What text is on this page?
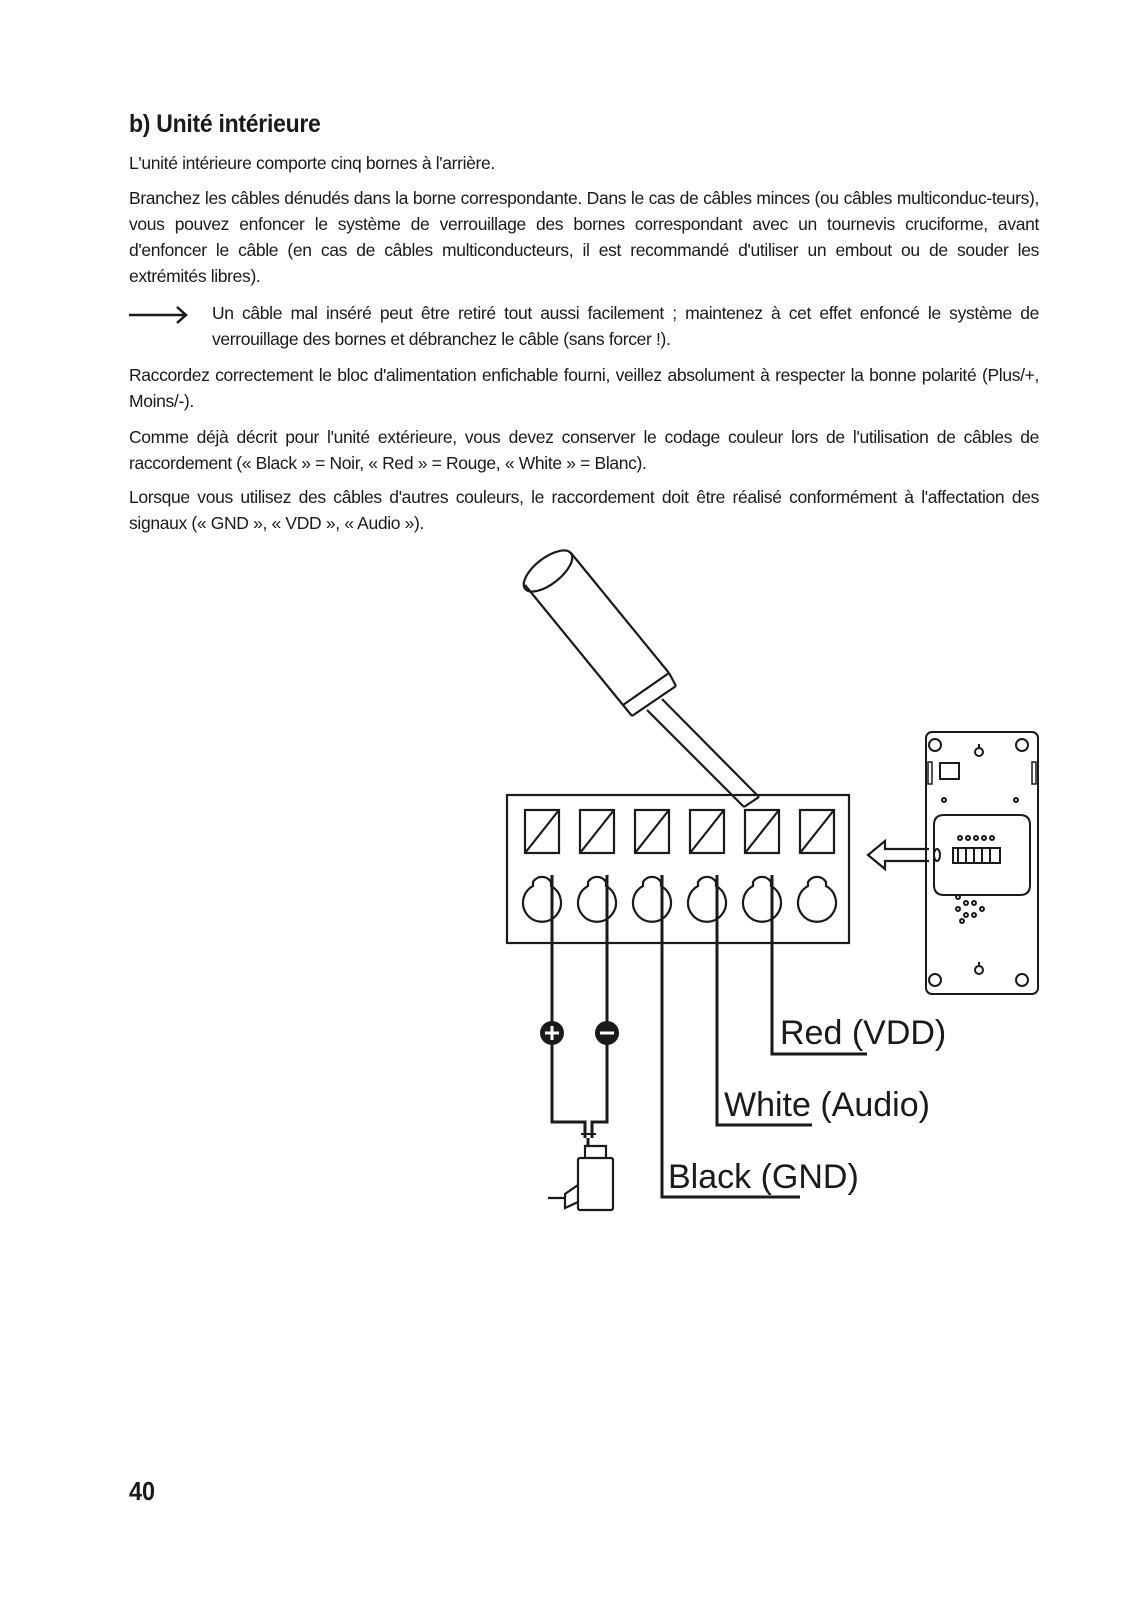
b) Unité intérieure

L'unité intérieure comporte cinq bornes à l'arrière.

Branchez les câbles dénudés dans la borne correspondante. Dans le cas de câbles minces (ou câbles multiconduc-teurs), vous pouvez enfoncer le système de verrouillage des bornes correspondant avec un tournevis cruciforme, avant d'enfoncer le câble (en cas de câbles multiconducteurs, il est recommandé d'utiliser un embout ou de souder les extrémités libres).

Un câble mal inséré peut être retiré tout aussi facilement ; maintenez à cet effet enfoncé le système de verrouillage des bornes et débranchez le câble (sans forcer !).

Raccordez correctement le bloc d'alimentation enfichable fourni, veillez absolument à respecter la bonne polarité (Plus/+, Moins/-).

Comme déjà décrit pour l'unité extérieure, vous devez conserver le codage couleur lors de l'utilisation de câbles de raccordement (« Black » = Noir, « Red » = Rouge, « White » = Blanc).

Lorsque vous utilisez des câbles d'autres couleurs, le raccordement doit être réalisé conformément à l'affectation des signaux (« GND », « VDD », « Audio »).

Red (VDD)
White (Audio)
Black (GND)
40
